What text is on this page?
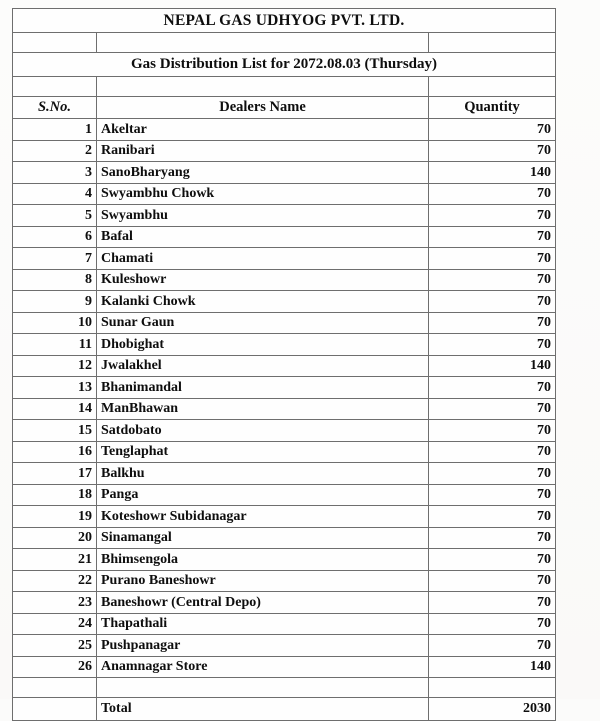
NEPAL GAS UDHYOG PVT. LTD.		

Gas Distribution List for 2072.08.03 (Thursday)		

S.No.	Dealers Name	Quantity
1	Akeltar	70
2	Ranibari	70
3	SanoBharyang	140
4	Swyambhu Chowk	70
5	Swyambhu	70
6	Bafal	70
7	Chamati	70
8	Kuleshowr	70
9	Kalanki Chowk	70
10	Sunar Gaun	70
11	Dhobighat	70
12	Jwalakhel	140
13	Bhanimandal	70
14	ManBhawan	70
15	Satdobato	70
16	Tenglaphat	70
17	Balkhu	70
18	Panga	70
19	Koteshowr Subidanagar	70
20	Sinamangal	70
21	Bhimsengola	70
22	Purano Baneshowr	70
23	Baneshowr (Central Depo)	70
24	Thapathali	70
25	Pushpanagar	70
26	Anamnagar Store	140

	Total	2030
